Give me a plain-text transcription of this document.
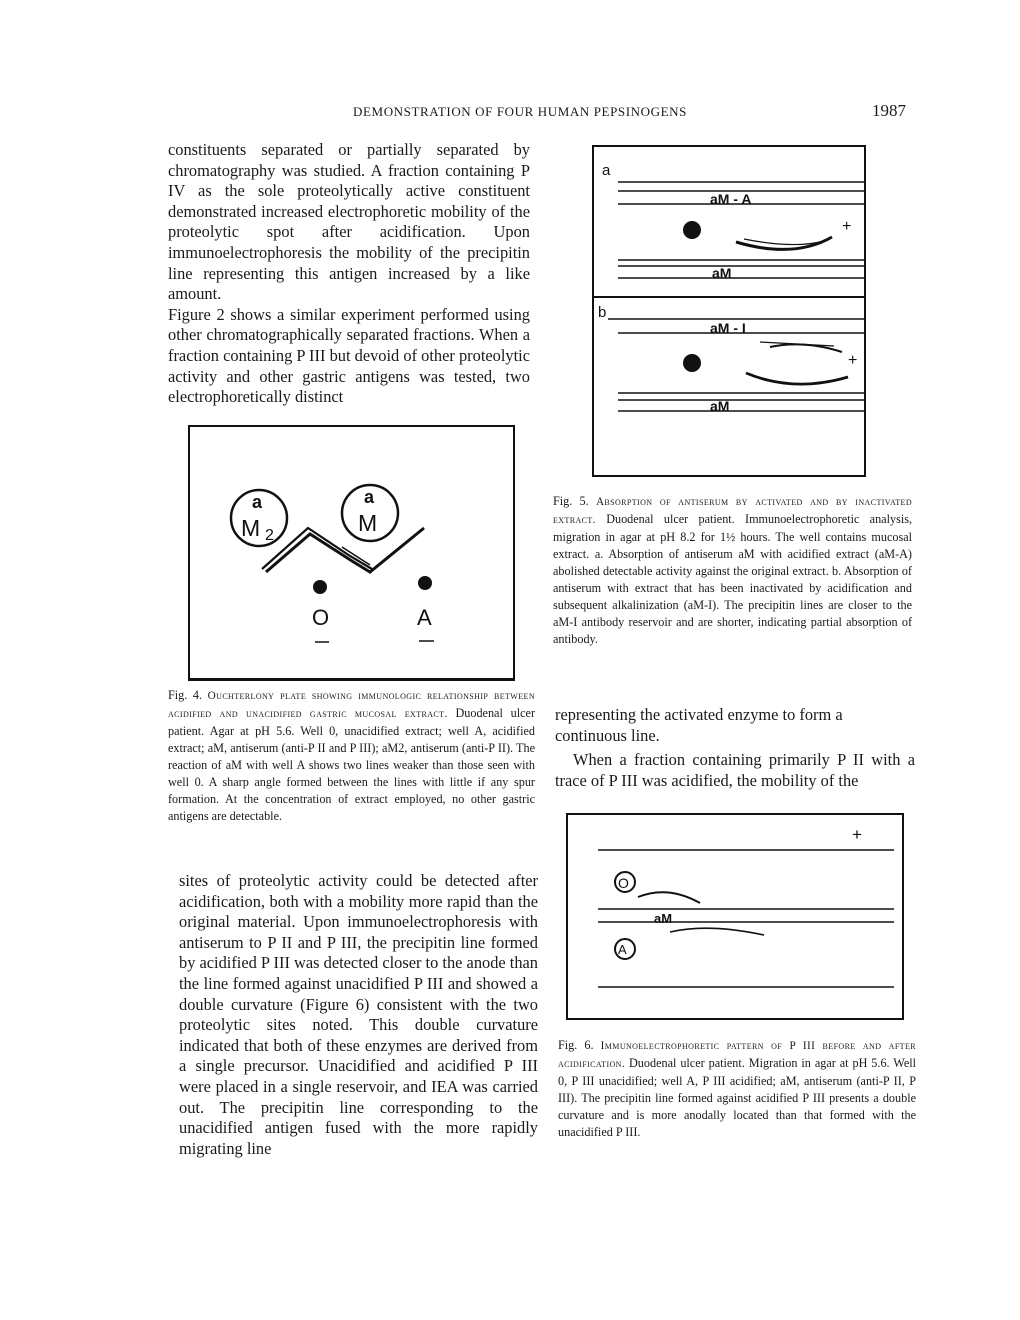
DEMONSTRATION OF FOUR HUMAN PEPSINOGENS	1987

constituents separated or partially separated by chromatography was studied. A fraction containing P IV as the sole proteolytically active constituent demonstrated increased electrophoretic mobility of the proteolytic spot after acidification. Upon immunoelectrophoresis the mobility of the precipitin line representing this antigen increased by a like amount.

Figure 2 shows a similar experiment performed using other chromatographically separated fractions. When a fraction containing P III but devoid of other proteolytic activity and other gastric antigens was tested, two electrophoretically distinct

a
M 2
a
M
O	A

Fig. 4. Ouchterlony plate showing immunologic relationship between acidified and unacidified gastric mucosal extract. Duodenal ulcer patient. Agar at pH 5.6. Well 0, unacidified extract; well A, acidified extract; aM, antiserum (anti-P II and P III); aM2, antiserum (anti-P II). The reaction of aM with well A shows two lines weaker than those seen with well 0. A sharp angle formed between the lines with little if any spur formation. At the concentration of extract employed, no other gastric antigens are detectable.

sites of proteolytic activity could be detected after acidification, both with a mobility more rapid than the original material. Upon immunoelectrophoresis with antiserum to P II and P III, the precipitin line formed by acidified P III was detected closer to the anode than the line formed against unacidified P III and showed a double curvature (Figure 6) consistent with the two proteolytic sites noted. This double curvature indicated that both of these enzymes are derived from a single precursor. Unacidified and acidified P III were placed in a single reservoir, and IEA was carried out. The precipitin line corresponding to the unacidified antigen fused with the more rapidly migrating line

a
aM - A
+
aM
b
aM - I
+
aM

Fig. 5. Absorption of antiserum by activated and by inactivated extract. Duodenal ulcer patient. Immunoelectrophoretic analysis, migration in agar at pH 8.2 for 1½ hours. The well contains mucosal extract. a. Absorption of antiserum aM with acidified extract (aM-A) abolished detectable activity against the original extract. b. Absorption of antiserum with extract that has been inactivated by acidification and subsequent alkalinization (aM-I). The precipitin lines are closer to the aM-I antibody reservoir and are shorter, indicating partial absorption of antibody.

representing the activated enzyme to form a continuous line.

When a fraction containing primarily P II with a trace of P III was acidified, the mobility of the

+
O
aM
A

Fig. 6. Immunoelectrophoretic pattern of P III before and after acidification. Duodenal ulcer patient. Migration in agar at pH 5.6. Well 0, P III unacidified; well A, P III acidified; aM, antiserum (anti-P II, P III). The precipitin line formed against acidified P III presents a double curvature and is more anodally located than that formed with the unacidified P III.
